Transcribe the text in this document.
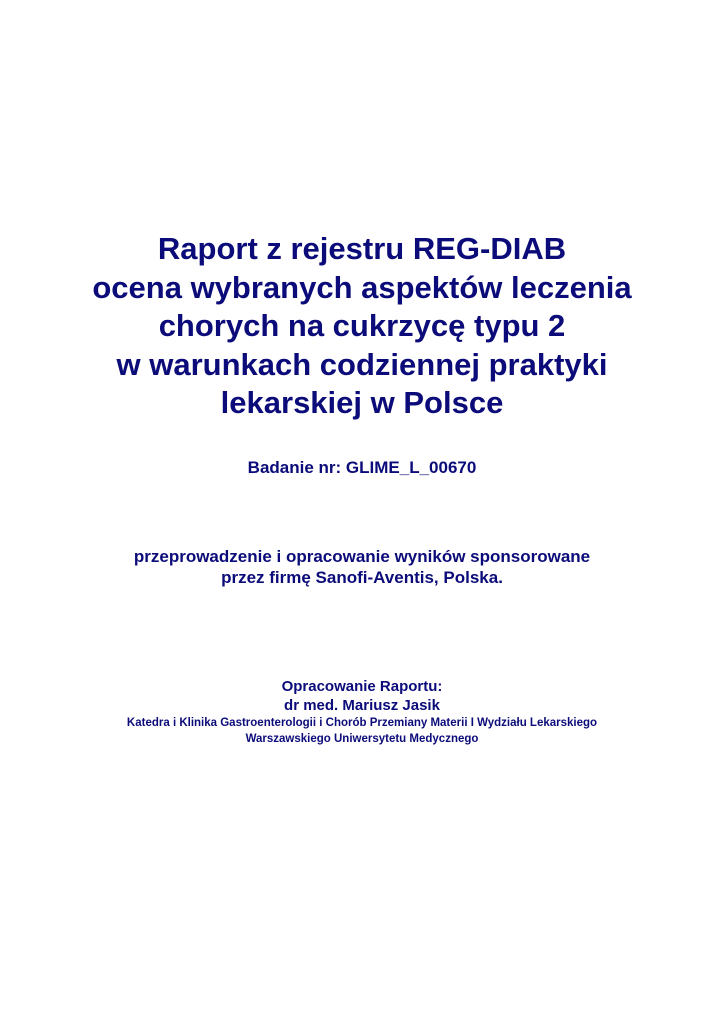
Raport z rejestru REG-DIAB
ocena wybranych aspektów leczenia
chorych na cukrzycę typu 2
w warunkach codziennej praktyki
lekarskiej w Polsce
Badanie nr: GLIME_L_00670
przeprowadzenie i opracowanie wyników sponsorowane
przez firmę Sanofi-Aventis, Polska.
Opracowanie Raportu:
dr med. Mariusz Jasik
Katedra i Klinika Gastroenterologii i Chorób Przemiany Materii I Wydziału Lekarskiego
Warszawskiego Uniwersytetu Medycznego
